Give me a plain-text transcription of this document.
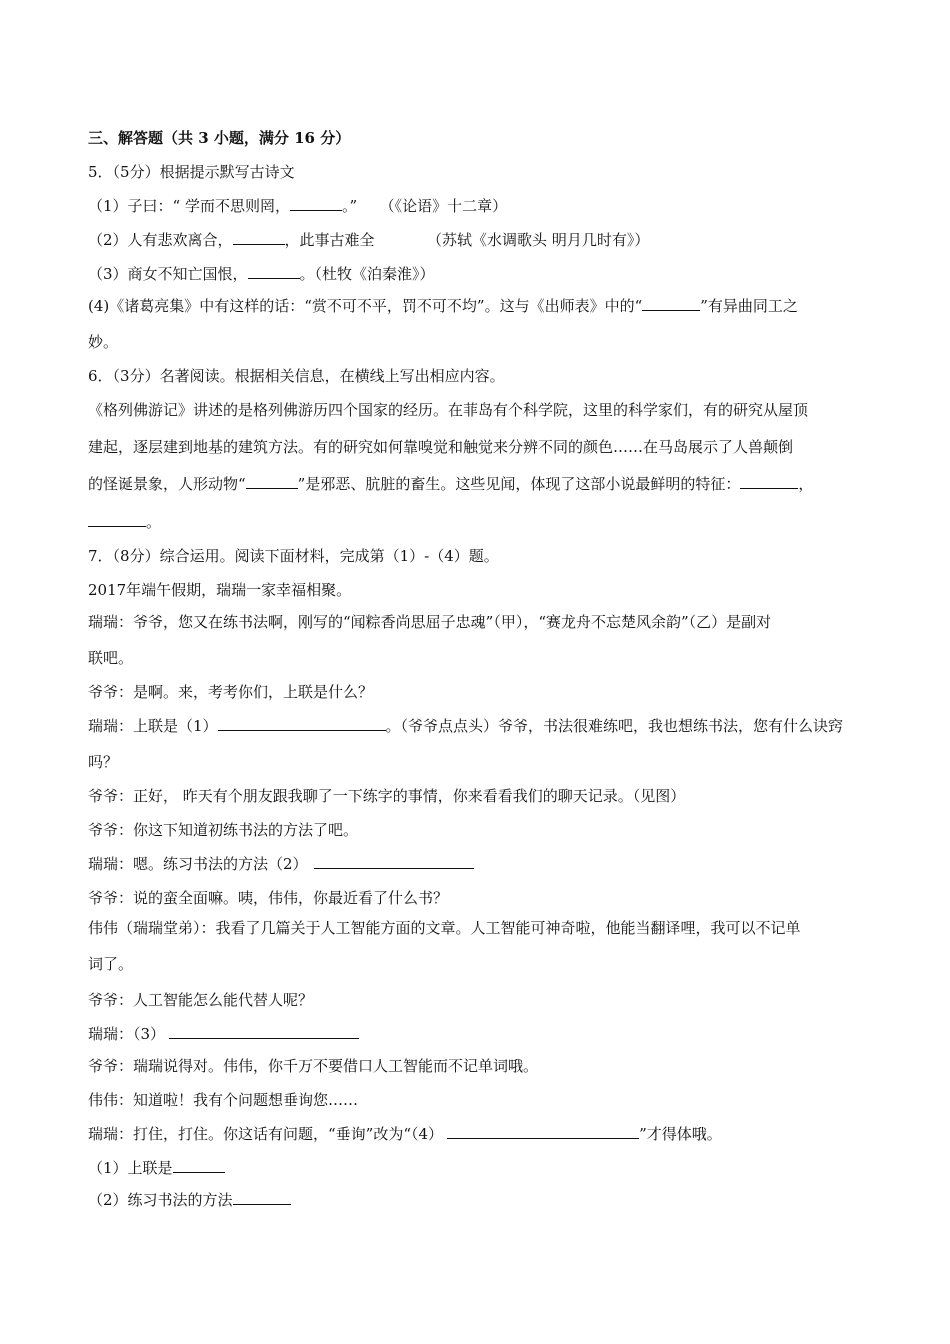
三、解答题（共 3 小题，满分 16 分）
5．（5分）根据提示默写古诗文
（1）子曰：“ 学而不思则罔，	。”　　（《论语》十二章）
（2）人有悲欢离合，	，此事古难全　　　　（苏轼《水调歌头 明月几时有》）
（3）商女不知亡国恨，	。（杜牧《泊秦淮》）
(4)《诸葛亮集》中有这样的话：“赏不可不平，罚不可不均”。这与《出师表》中的“	”有异曲同工之
妙。
6．（3分）名著阅读。根据相关信息，在横线上写出相应内容。
《格列佛游记》讲述的是格列佛游历四个国家的经历。在菲岛有个科学院，这里的科学家们，有的研究从屋顶
建起，逐层建到地基的建筑方法。有的研究如何靠嗅觉和触觉来分辨不同的颜色……在马岛展示了人兽颠倒
的怪诞景象，人形动物“	”是邪恶、肮脏的畜生。这些见闻，体现了这部小说最鲜明的特征：	，
。
7．（8分）综合运用。阅读下面材料，完成第（1）-（4）题。
2017年端午假期，瑞瑞一家幸福相聚。
瑞瑞：爷爷，您又在练书法啊，刚写的“闻粽香尚思屈子忠魂”（甲），“赛龙舟不忘楚风余韵”（乙）是副对
联吧。
爷爷：是啊。来，考考你们，上联是什么？
瑞瑞：上联是（1）	。（爷爷点点头）爷爷，书法很难练吧，我也想练书法，您有什么诀窍
吗？
爷爷：正好， 昨天有个朋友跟我聊了一下练字的事情，你来看看我们的聊天记录。（见图）
爷爷：你这下知道初练书法的方法了吧。
瑞瑞：嗯。练习书法的方法（2）
爷爷：说的蛮全面嘛。咦，伟伟，你最近看了什么书？
伟伟（瑞瑞堂弟）：我看了几篇关于人工智能方面的文章。人工智能可神奇啦，他能当翻译哩，我可以不记单
词了。
爷爷：人工智能怎么能代替人呢？
瑞瑞：（3）
爷爷：瑞瑞说得对。伟伟，你千万不要借口人工智能而不记单词哦。
伟伟：知道啦！我有个问题想垂询您……
瑞瑞：打住，打住。你这话有问题，“垂询”改为“（4）	”才得体哦。
（1）上联是
（2）练习书法的方法
